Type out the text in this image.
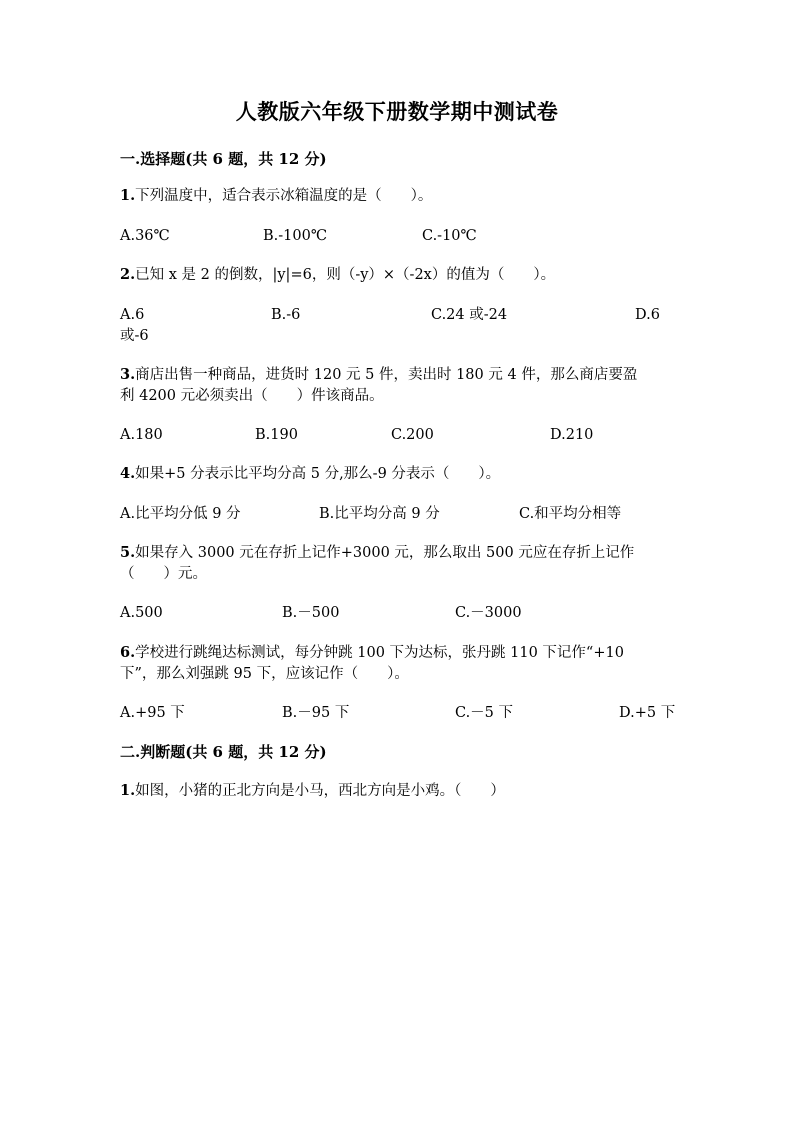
人教版六年级下册数学期中测试卷
一.选择题(共 6 题，共 12 分)
1.下列温度中，适合表示冰箱温度的是（　　）。
A.36℃	B.-100℃	C.-10℃
2.已知 x 是 2 的倒数，|y|=6，则（-y）×（-2x）的值为（　　）。
A.6	B.-6	C.24 或-24	D.6
或-6
3.商店出售一种商品，进货时 120 元 5 件，卖出时 180 元 4 件，那么商店要盈
利 4200 元必须卖出（　　）件该商品。
A.180	B.190	C.200	D.210
4.如果+5 分表示比平均分高 5 分,那么-9 分表示（　　）。
A.比平均分低 9 分	B.比平均分高 9 分	C.和平均分相等
5.如果存入 3000 元在存折上记作+3000 元，那么取出 500 元应在存折上记作
（　　）元。
A.500	B.－500	C.－3000
6.学校进行跳绳达标测试，每分钟跳 100 下为达标，张丹跳 110 下记作“+10
下”，那么刘强跳 95 下，应该记作（　　）。
A.+95 下	B.－95 下	C.－5 下	D.+5 下
二.判断题(共 6 题，共 12 分)
1.如图，小猪的正北方向是小马，西北方向是小鸡。（　　）
